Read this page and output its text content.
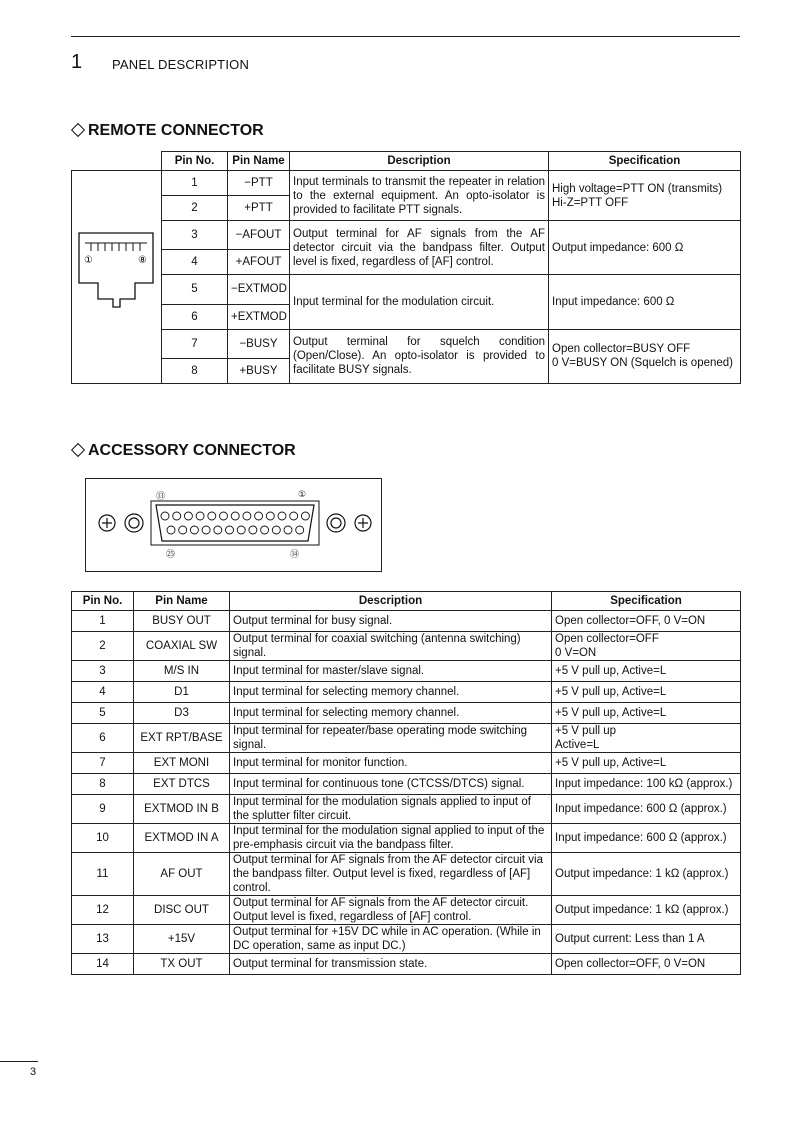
1 PANEL DESCRIPTION
REMOTE CONNECTOR
	Pin No.	Pin Name	Description	Specification

① ⑧	1	−PTT	Input terminals to transmit the repeater in relation to the external equipment. An opto-isolator is provided to facilitate PTT signals.	High voltage=PTT ON (transmits)
Hi-Z=PTT OFF
	2	+PTT		
	3	−AFOUT	Output terminal for AF signals from the AF detector circuit via the bandpass filter. Output level is fixed, regardless of [AF] control.	Output impedance: 600 Ω
	4	+AFOUT		
	5	−EXTMOD	Input terminal for the modulation circuit.	Input impedance: 600 Ω
	6	+EXTMOD		
	7	−BUSY	Output terminal for squelch condition (Open/Close). An opto-isolator is provided to facilitate BUSY signals.	Open collector=BUSY OFF
0 V=BUSY ON (Squelch is opened)
	8	+BUSY		
ACCESSORY CONNECTOR
⑬	①
㉕	⑭
Pin No.	Pin Name	Description	Specification
1	BUSY OUT	Output terminal for busy signal.	Open collector=OFF, 0 V=ON
2	COAXIAL SW	Output terminal for coaxial switching (antenna switching) signal.	Open collector=OFF
0 V=ON
3	M/S IN	Input terminal for master/slave signal.	+5 V pull up, Active=L
4	D1	Input terminal for selecting memory channel.	+5 V pull up, Active=L
5	D3	Input terminal for selecting memory channel.	+5 V pull up, Active=L
6	EXT RPT/BASE	Input terminal for repeater/base operating mode switching signal.	+5 V pull up
Active=L
7	EXT MONI	Input terminal for monitor function.	+5 V pull up, Active=L
8	EXT DTCS	Input terminal for continuous tone (CTCSS/DTCS) signal.	Input impedance: 100 kΩ (approx.)
9	EXTMOD IN B	Input terminal for the modulation signals applied to input of the splutter filter circuit.	Input impedance: 600 Ω (approx.)
10	EXTMOD IN A	Input terminal for the modulation signal applied to input of the pre-emphasis circuit via the bandpass filter.	Input impedance: 600 Ω (approx.)
11	AF OUT	Output terminal for AF signals from the AF detector circuit via the bandpass filter. Output level is fixed, regardless of [AF] control.	Output impedance: 1 kΩ (approx.)
12	DISC OUT	Output terminal for AF signals from the AF detector circuit. Output level is fixed, regardless of [AF] control.	Output impedance: 1 kΩ (approx.)
13	+15V	Output terminal for +15V DC while in AC operation. (While in DC operation, same as input DC.)	Output current: Less than 1 A
14	TX OUT	Output terminal for transmission state.	Open collector=OFF, 0 V=ON
3
